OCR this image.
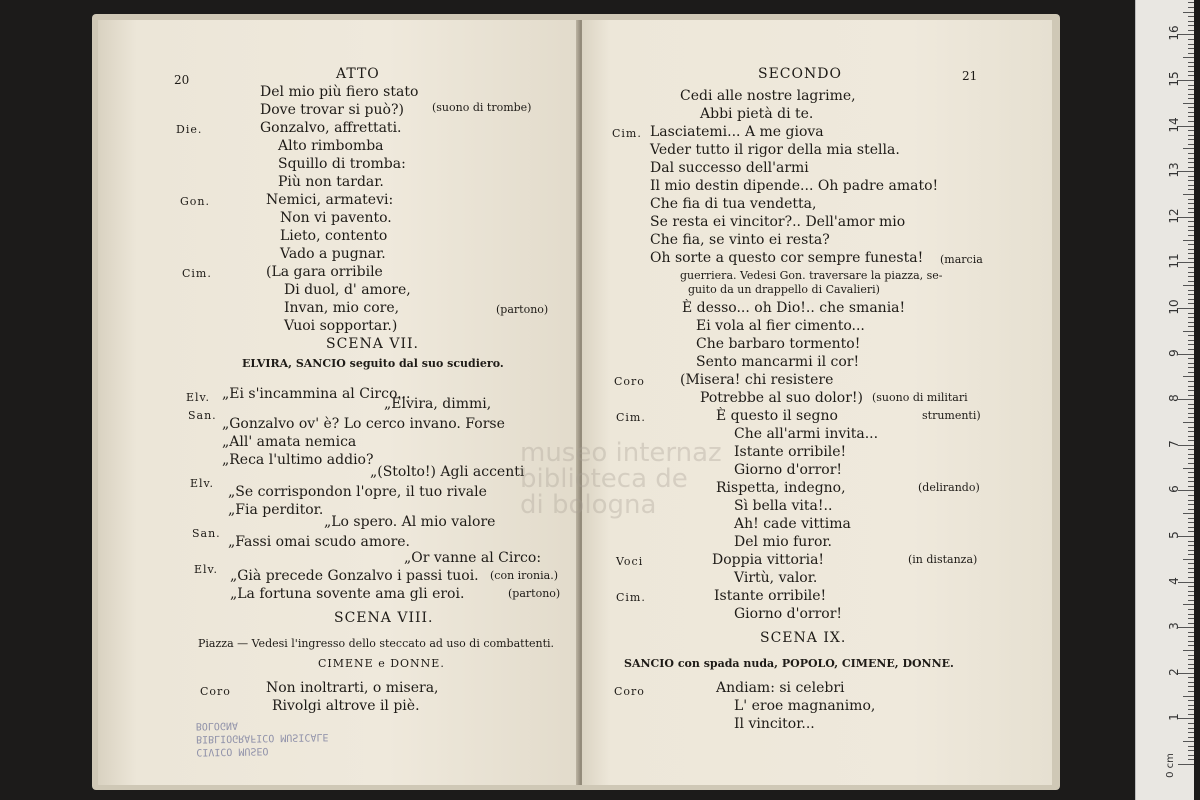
20	ATTO
Del mio più fiero stato
Dove trovar si può?)	(suono di trombe)
Die.	Gonzalvo, affrettati.
Alto rimbomba
Squillo di tromba:
Più non tardar.
Gon.	Nemici, armatevi:
Non vi pavento.
Lieto, contento
Vado a pugnar.
Cim.	(La gara orribile
Di duol, d' amore,
Invan, mio core,
Vuoi sopportar.)
(partono)
SCENA VII.
ELVIRA, SANCIO seguito dal suo scudiero.
Elv. „Ei s'incammina al Circo...
„Elvira, dimmi,
San.
„Gonzalvo ov' è? Lo cerco invano. Forse
„All' amata nemica
„Reca l'ultimo addio?
Elv.
„(Stolto!) Agli accenti
„Se corrispondon l'opre, il tuo rivale
„Fia perditor.
San.
„Lo spero. Al mio valore
„Fassi omai scudo amore.
Elv.
„Or vanne al Circo:
„Già precede Gonzalvo i passi tuoi. (con ironia.)
„La fortuna sovente ama gli eroi.	(partono)
SCENA VIII.
Piazza — Vedesi l'ingresso dello steccato ad uso di combattenti.
CIMENE e DONNE.
Coro	Non inoltrarti, o misera,
Rivolgi altrove il piè.
SECONDO	21
Cedi alle nostre lagrime,
Abbi pietà di te.
Cim. Lasciatemi... A me giova
Veder tutto il rigor della mia stella.
Dal successo dell'armi
Il mio destin dipende... Oh padre amato!
Che fia di tua vendetta,
Se resta ei vincitor?.. Dell'amor mio
Che fia, se vinto ei resta?
Oh sorte a questo cor sempre funesta! (marcia
guerriera. Vedesi Gon. traversare la piazza, se-
guito da un drappello di Cavalieri)
È desso... oh Dio!.. che smania!
Ei vola al fier cimento...
Che barbaro tormento!
Sento mancarmi il cor!
Coro	(Misera! chi resistere
Potrebbe al suo dolor!) (suono di militari
Cim.	È questo il segno	strumenti)
Che all'armi invita...
Istante orribile!
Giorno d'orror!
Rispetta, indegno,	(delirando)
Sì bella vita!..
Ah! cade vittima
Del mio furor.
Voci	Doppia vittoria!	(in distanza)
Virtù, valor.
Cim.	Istante orribile!
Giorno d'orror!
SCENA IX.
SANCIO con spada nuda, POPOLO, CIMENE, DONNE.
Coro	Andiam: si celebri
L' eroe magnanimo,
Il vincitor...
CIVICO MUSEO
BIBLIOGRAFICO MUSICALE
BOLOGNA
museo internaz
biblioteca de
di bologna
0 cm
1
2
3
4
5
6
7
8
9
10
11
12
13
14
15
16
